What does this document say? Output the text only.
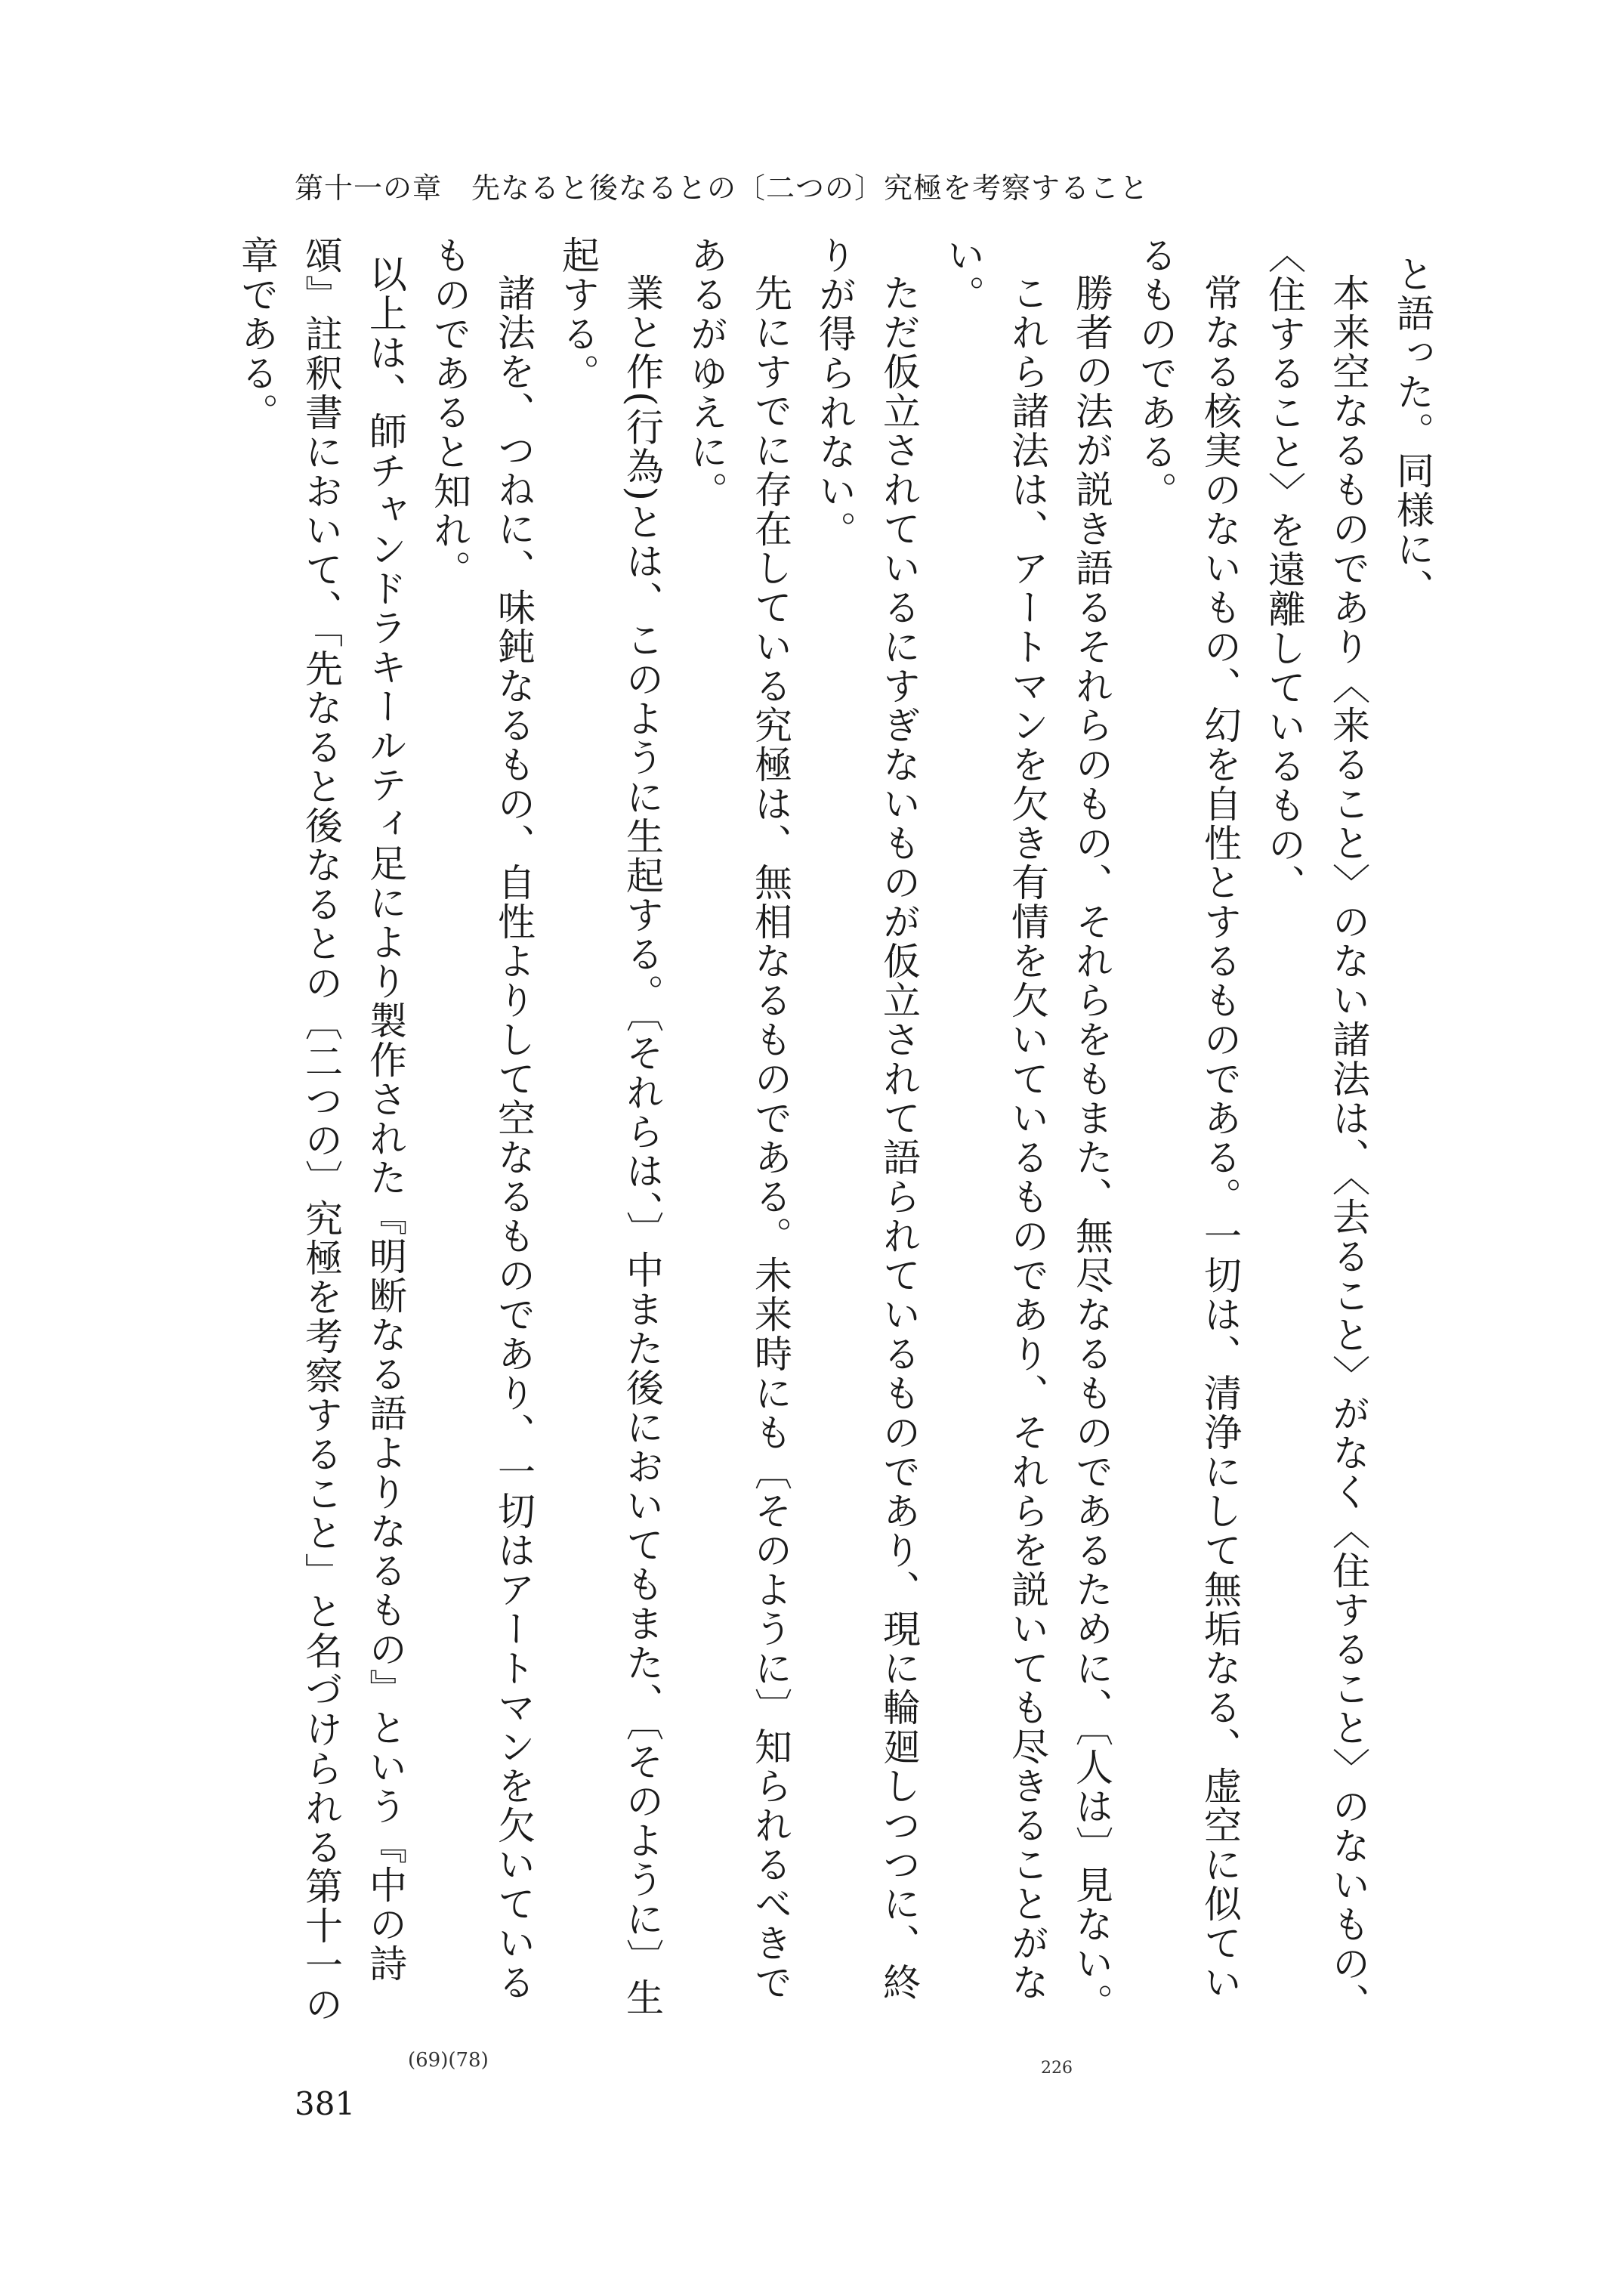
第十一の章　先なると後なるとの〔二つの〕究極を考察すること

と語った。同様に、

本来空なるものであり〈来ること〉のない諸法は、〈去ること〉がなく〈住すること〉のないもの、〈住すること〉を遠離しているもの、

常なる核実のないもの、幻を自性とするものである。一切は、清浄にして無垢なる、虚空に似ているものである。

勝者の法が説き語るそれらのもの、それらをもまた、無尽なるものであるために、〔人は〕見ない。

これら諸法は、アートマンを欠き有情を欠いているものであり、それらを説いても尽きることがない。

ただ仮立されているにすぎないものが仮立されて語られているものであり、現に輪廻しつつに、終りが得られない。

先にすでに存在している究極は、無相なるものである。未来時にも〔そのように〕知られるべきであるがゆえに。

業と作(行為)とは、このように生起する。〔それらは、〕中また後においてもまた、〔そのように〕生起する。

諸法を、つねに、味鈍なるもの、自性よりして空なるものであり、一切はアートマンを欠いているものであると知れ。

以上は、師チャンドラキールティ足により製作された『明断なる語よりなるもの』という『中の詩頌』註釈書において、「先なると後なるとの〔二つの〕究極を考察すること」と名づけられる第十一の章である。

226
(69)(78)
381
